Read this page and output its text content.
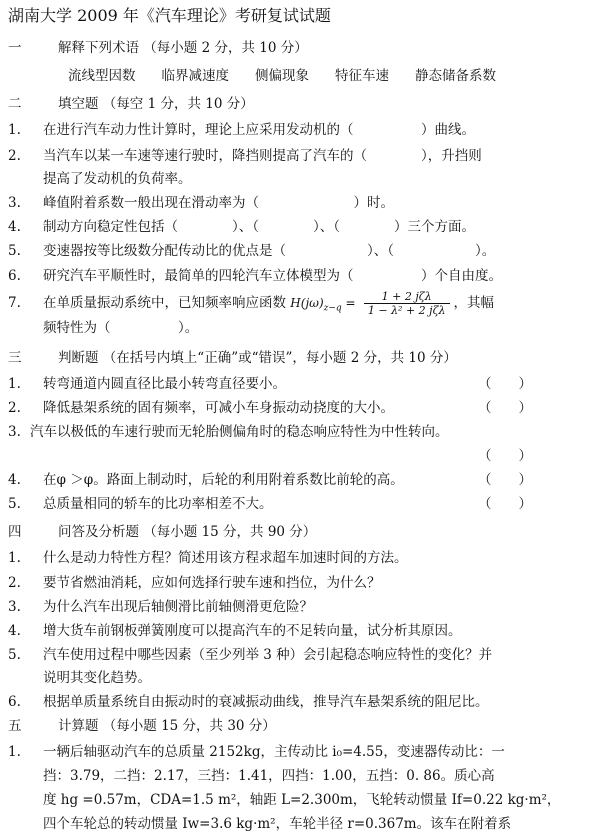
湖南大学 2009 年《汽车理论》考研复试试题
一	解释下列术语 （每小题 2 分，共 10 分）
流线型因数 临界减速度 侧偏现象 特征车速 静态储备系数
二	填空题 （每空 1 分，共 10 分）
1. 在进行汽车动力性计算时，理论上应采用发动机的（　　　　　）曲线。
2. 当汽车以某一车速等速行驶时，降挡则提高了汽车的（　　　　），升挡则
提高了发动机的负荷率。
3. 峰值附着系数一般出现在滑动率为（　　　　　　　）时。
4. 制动方向稳定性包括（　　　　）、（　　　　）、（　　　　）三个方面。
5. 变速器按等比级数分配传动比的优点是（　　　　　　）、（　　　　　　）。
6. 研究汽车平顺性时，最简单的四轮汽车立体模型为（　　　　　）个自由度。
7. 在单质量振动系统中，已知频率响应函数 $H(j\omega)_{z-q}$ =	1 + 2 jζλ
1 − λ² + 2 jζλ ，其幅
频特性为（　　　　　）。
三	判断题 （在括号内填上“正确”或“错误”，每小题 2 分，共 10 分）
1. 转弯通道内圆直径比最小转弯直径要小。	（　　）
2. 降低悬架系统的固有频率，可减小车身振动动挠度的大小。	（　　）
3. 汽车以极低的车速行驶而无轮胎侧偏角时的稳态响应特性为中性转向。
（　　）
4. 在φ ＞φ。路面上制动时，后轮的利用附着系数比前轮的高。	（　　）
5. 总质量相同的轿车的比功率相差不大。	（　　）
四	问答及分析题 （每小题 15 分，共 90 分）
1. 什么是动力特性方程？简述用该方程求超车加速时间的方法。
2. 要节省燃油消耗，应如何选择行驶车速和挡位，为什么？
3. 为什么汽车出现后轴侧滑比前轴侧滑更危险？
4. 增大货车前钢板弹簧刚度可以提高汽车的不足转向量，试分析其原因。
5. 汽车使用过程中哪些因素（至少列举 3 种）会引起稳态响应特性的变化？并
说明其变化趋势。
6. 根据单质量系统自由振动时的衰减振动曲线，推导汽车悬架系统的阻尼比。
五	计算题 （每小题 15 分，共 30 分）
1. 一辆后轴驱动汽车的总质量 2152kg，主传动比 i₀=4.55，变速器传动比：一
挡：3.79，二挡：2.17，三挡：1.41，四挡：1.00，五挡：0. 86。质心高
度 hg =0.57m，CDA=1.5 m²，轴距 L=2.300m，飞轮转动惯量 If=0.22 kg·m²，
四个车轮总的转动惯量 Iw=3.6 kg·m²，车轮半径 r=0.367m。该车在附着系
